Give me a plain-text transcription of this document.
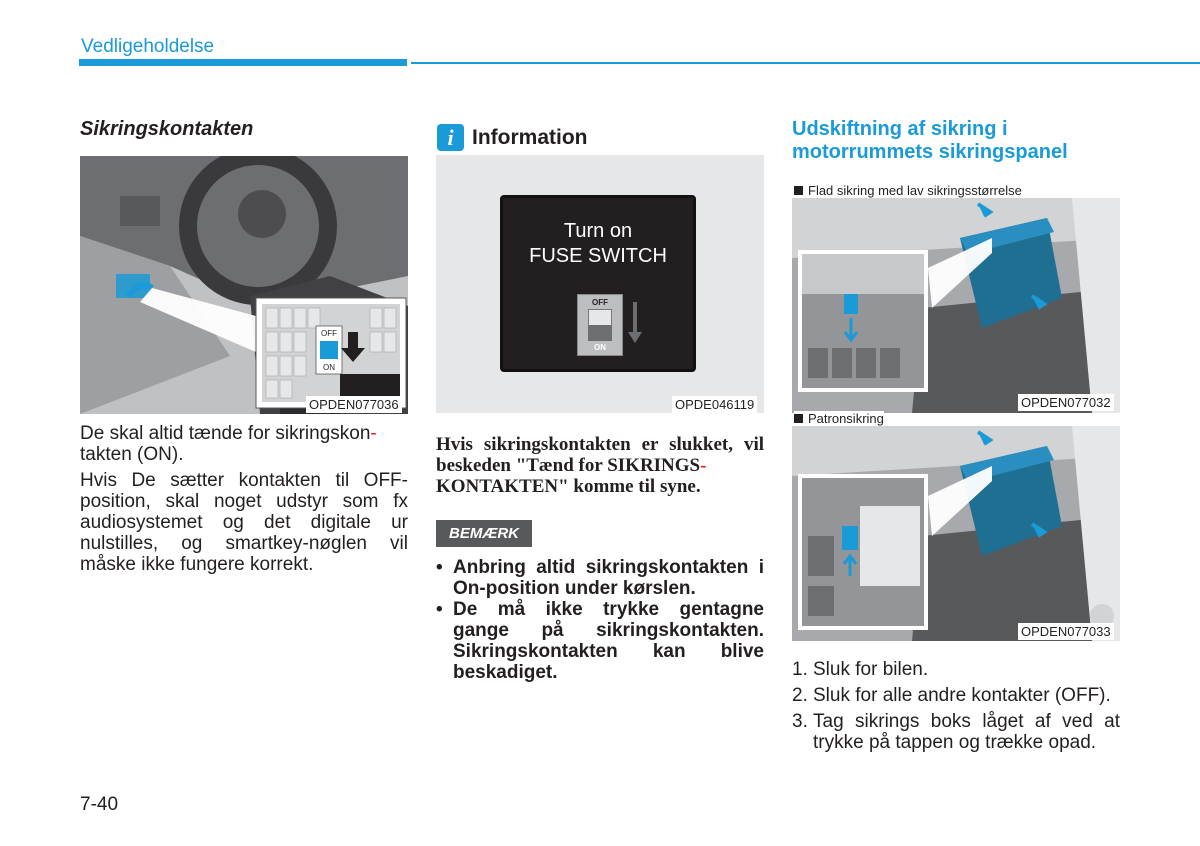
Vedligeholdelse
Sikringskontakten
OFF
ON
OPDEN077036

De skal altid tænde for sikringskon-
takten (ON).

Hvis De sætter kontakten til OFF-position, skal noget udstyr som fx audiosystemet og det digitale ur nulstilles, og smartkey-nøglen vil måske ikke fungere korrekt.

i Information
Turn on
FUSE SWITCH
OFF
ON
OPDE046119
Hvis sikringskontakten er slukket, vil beskeden "Tænd for SIKRINGS-
KONTAKTEN" komme til syne.
BEMÆRK
• Anbring altid sikringskontakten i On-position under kørslen.
• De må ikke trykke gentagne gange på sikringskontakten. Sikringskontakten kan blive beskadiget.
Udskiftning af sikring i motorrummets sikringspanel
Flad sikring med lav sikringsstørrelse
OPDEN077032
Patronsikring
OPDEN077033
1. Sluk for bilen.
2. Sluk for alle andre kontakter (OFF).
3. Tag sikrings boks låget af ved at trykke på tappen og trække opad.
7-40
